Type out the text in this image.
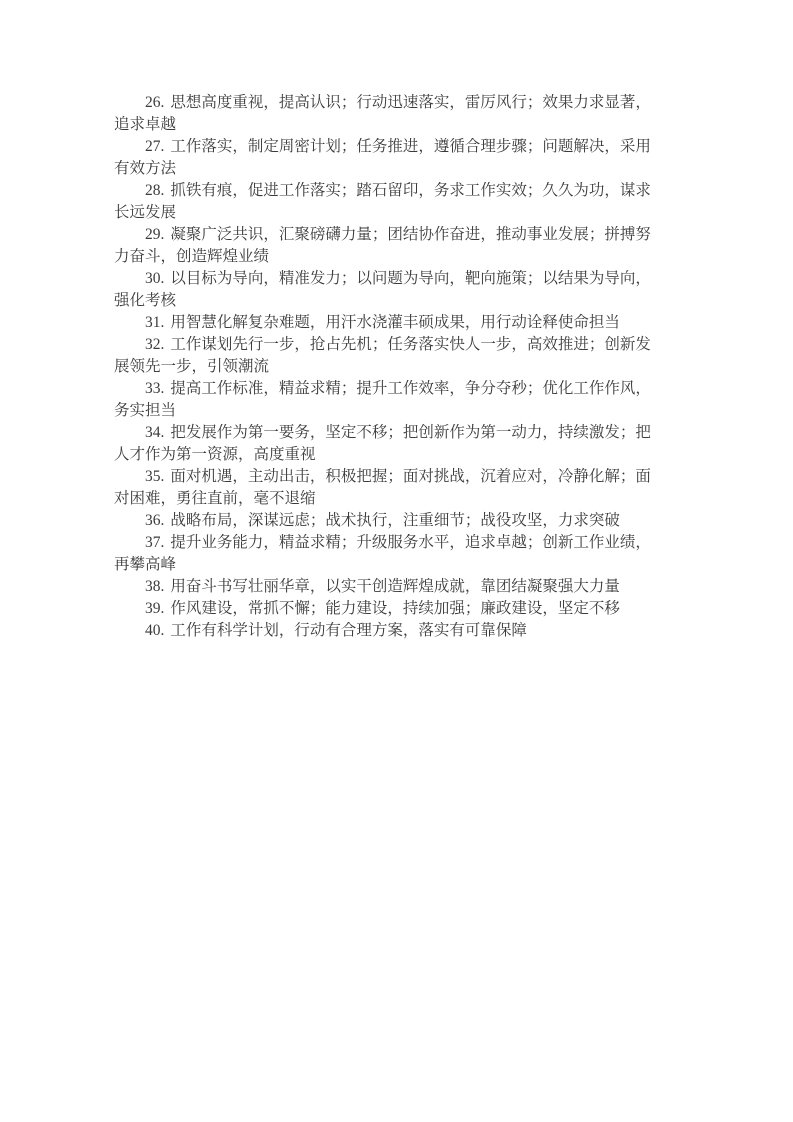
26. 思想高度重视，提高认识；行动迅速落实，雷厉风行；效果力求显著，追求卓越

27. 工作落实，制定周密计划；任务推进，遵循合理步骤；问题解决，采用有效方法

28. 抓铁有痕，促进工作落实；踏石留印，务求工作实效；久久为功，谋求长远发展

29. 凝聚广泛共识，汇聚磅礴力量；团结协作奋进，推动事业发展；拼搏努力奋斗，创造辉煌业绩

30. 以目标为导向，精准发力；以问题为导向，靶向施策；以结果为导向，强化考核

31. 用智慧化解复杂难题，用汗水浇灌丰硕成果，用行动诠释使命担当

32. 工作谋划先行一步，抢占先机；任务落实快人一步，高效推进；创新发展领先一步，引领潮流

33. 提高工作标准，精益求精；提升工作效率，争分夺秒；优化工作作风，务实担当

34. 把发展作为第一要务，坚定不移；把创新作为第一动力，持续激发；把人才作为第一资源，高度重视

35. 面对机遇，主动出击，积极把握；面对挑战，沉着应对，冷静化解；面对困难，勇往直前，毫不退缩

36. 战略布局，深谋远虑；战术执行，注重细节；战役攻坚，力求突破

37. 提升业务能力，精益求精；升级服务水平，追求卓越；创新工作业绩，再攀高峰

38. 用奋斗书写壮丽华章，以实干创造辉煌成就，靠团结凝聚强大力量

39. 作风建设，常抓不懈；能力建设，持续加强；廉政建设，坚定不移

40. 工作有科学计划，行动有合理方案，落实有可靠保障
